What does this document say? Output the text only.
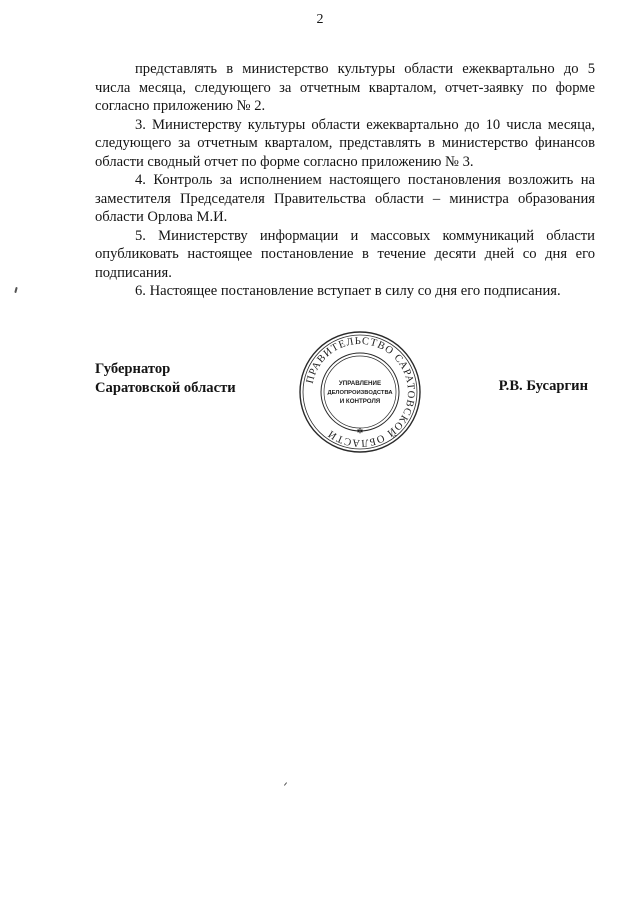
2

представлять в министерство культуры области ежеквартально до 5 числа месяца, следующего за отчетным кварталом, отчет-заявку по форме согласно приложению № 2.

3. Министерству культуры области ежеквартально до 10 числа месяца, следующего за отчетным кварталом, представлять в министерство финансов области сводный отчет по форме согласно приложению № 3.

4. Контроль за исполнением настоящего постановления возложить на заместителя Председателя Правительства области – министра образования области Орлова М.И.

5. Министерству информации и массовых коммуникаций области опубликовать настоящее постановление в течение десяти дней со дня его подписания.

6. Настоящее постановление вступает в силу со дня его подписания.

Губернатор
Саратовской области
ПРАВИТЕЛЬСТВО САРАТОВСКОЙ ОБЛАСТИ
УПРАВЛЕНИЕ
ДЕЛОПРОИЗВОДСТВА
И КОНТРОЛЯ
*
Р.В. Бусаргин
